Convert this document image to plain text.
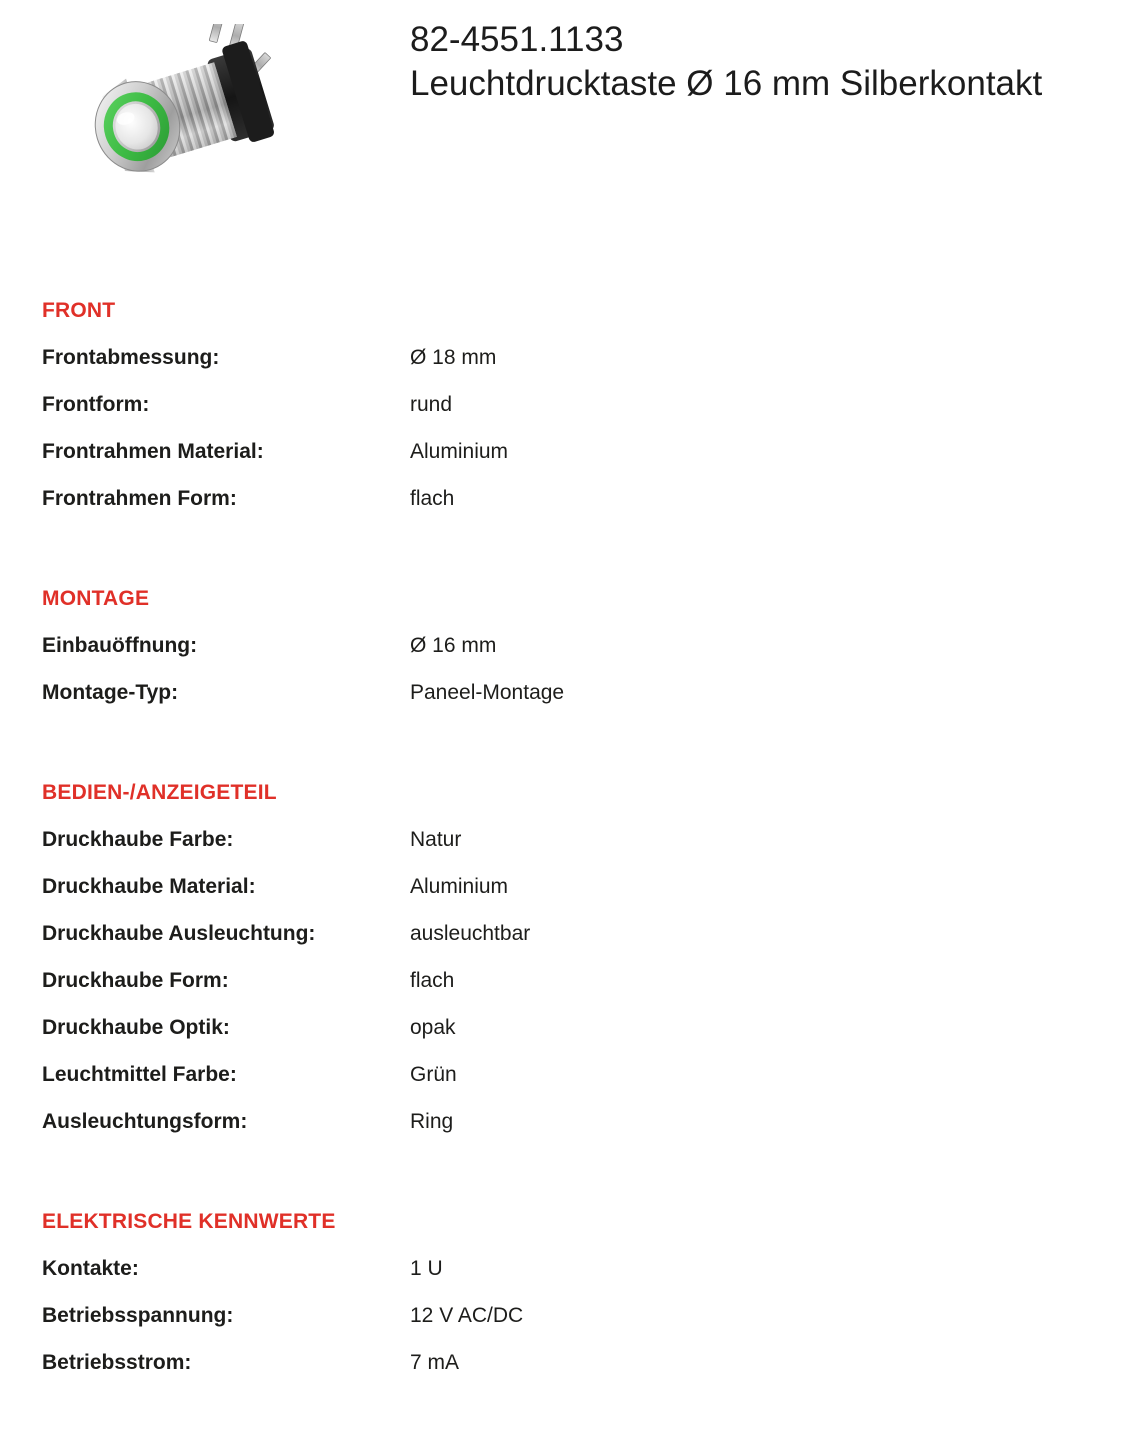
82-4551.1133
Leuchtdrucktaste Ø 16 mm Silberkontakt
FRONT
Frontabmessung:	Ø 18 mm
Frontform:	rund
Frontrahmen Material:	Aluminium
Frontrahmen Form:	flach
MONTAGE
Einbauöffnung:	Ø 16 mm
Montage-Typ:	Paneel-Montage
BEDIEN-/ANZEIGETEIL
Druckhaube Farbe:	Natur
Druckhaube Material:	Aluminium
Druckhaube Ausleuchtung:	ausleuchtbar
Druckhaube Form:	flach
Druckhaube Optik:	opak
Leuchtmittel Farbe:	Grün
Ausleuchtungsform:	Ring
ELEKTRISCHE KENNWERTE
Kontakte:	1 U
Betriebsspannung:	12 V AC/DC
Betriebsstrom:	7 mA
